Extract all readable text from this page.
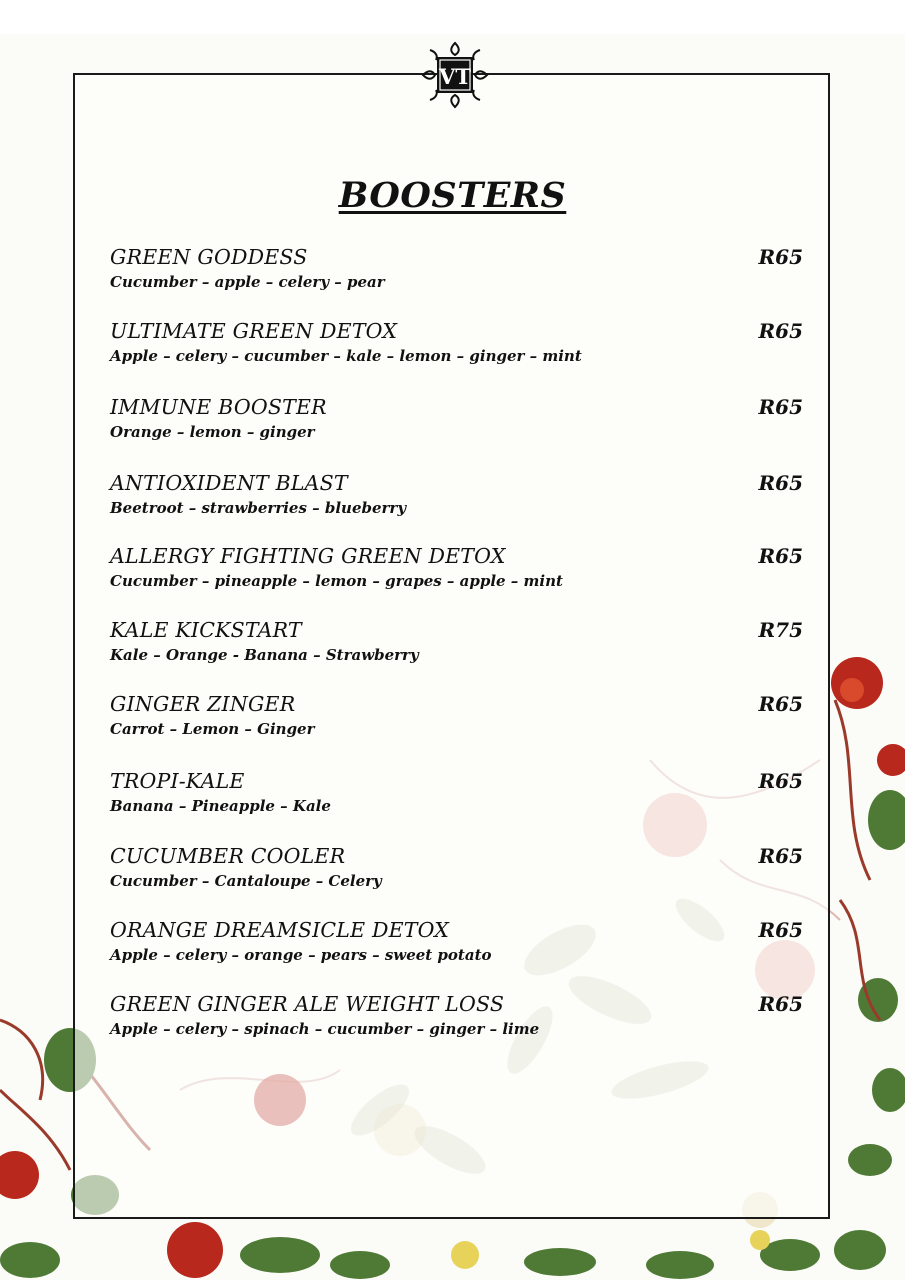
VT
BOOSTERS
GREEN GODDESS	R65
Cucumber – apple – celery – pear
ULTIMATE GREEN DETOX	R65
Apple – celery – cucumber – kale – lemon – ginger – mint
IMMUNE BOOSTER	R65
Orange – lemon – ginger
ANTIOXIDENT BLAST	R65
Beetroot – strawberries – blueberry
ALLERGY FIGHTING GREEN DETOX	R65
Cucumber – pineapple – lemon – grapes – apple – mint
KALE KICKSTART	R75
Kale – Orange - Banana – Strawberry
GINGER ZINGER	R65
Carrot – Lemon – Ginger
TROPI-KALE	R65
Banana – Pineapple – Kale
CUCUMBER COOLER	R65
Cucumber – Cantaloupe – Celery
ORANGE DREAMSICLE DETOX	R65
Apple – celery – orange – pears – sweet potato
GREEN GINGER ALE WEIGHT LOSS	R65
Apple – celery – spinach – cucumber – ginger – lime
